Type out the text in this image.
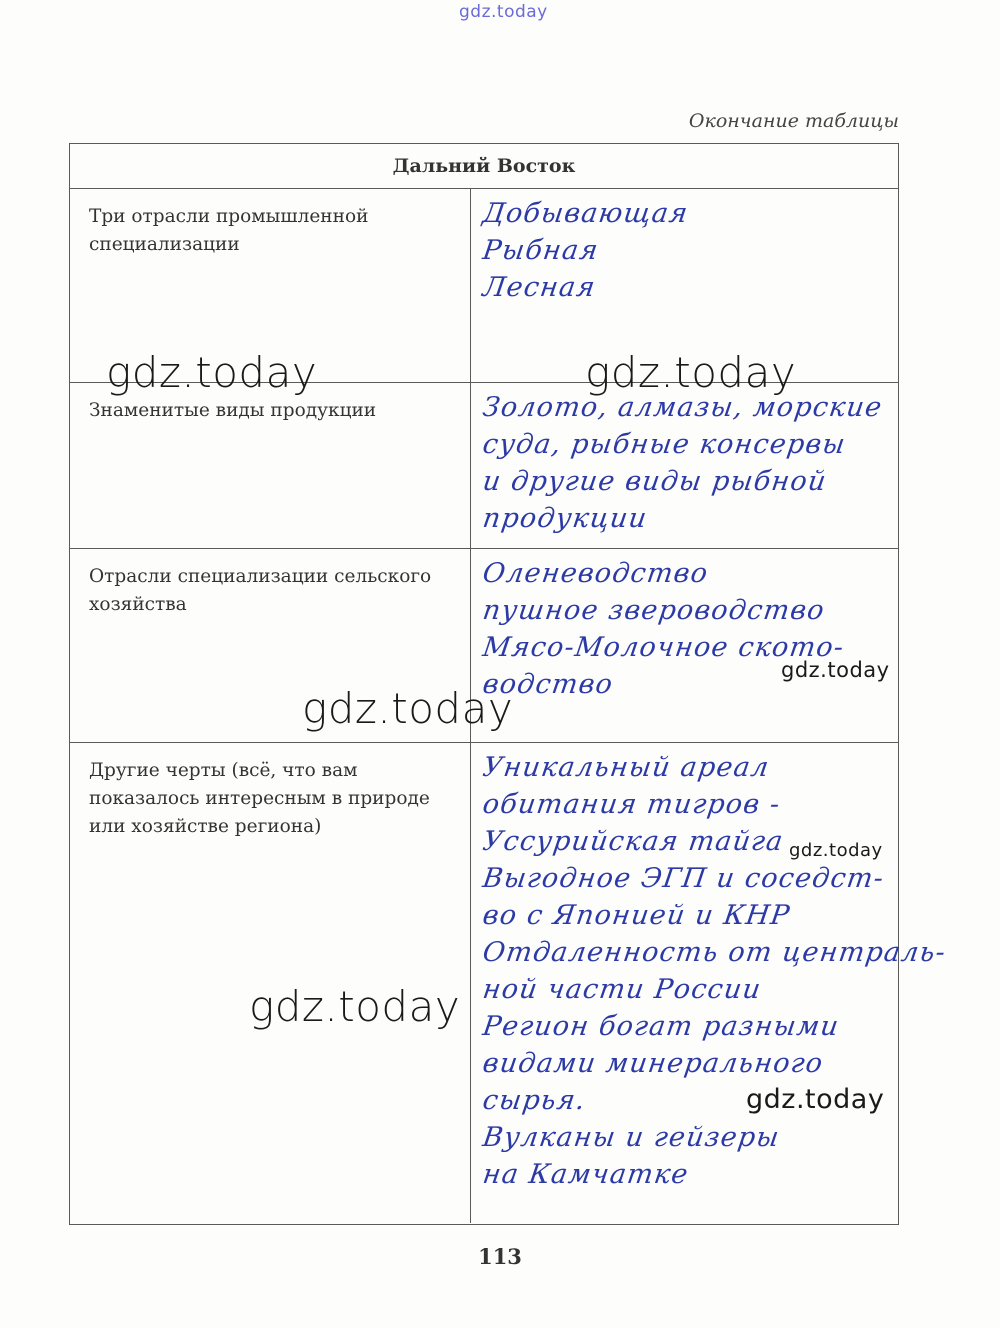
gdz.today
Окончание таблицы
Дальний Восток
Три отрасли промышленной специализации
Добывающая
Рыбная
Лесная
Знаменитые виды продукции	Золото, алмазы, морские
суда, рыбные консервы
и другие виды рыбной
продукции
Отрасли специализации сельского хозяйства
Оленеводство
пушное звероводство
Мясо-Молочное ското-
водство
Другие черты (всё, что вам показалось интересным в природе или хозяйстве региона)
Уникальный ареал
обитания тигров -
Уссурийская тайга
Выгодное ЭГП и соседст-
во с Японией и КНР
Отдаленность от централь-
ной части России
Регион богат разными
видами минерального
сырья.
Вулканы и гейзеры
на Камчатке
113
gdz.today	gdz.today
gdz.today
gdz.today
gdz.today
gdz.today
gdz.today
